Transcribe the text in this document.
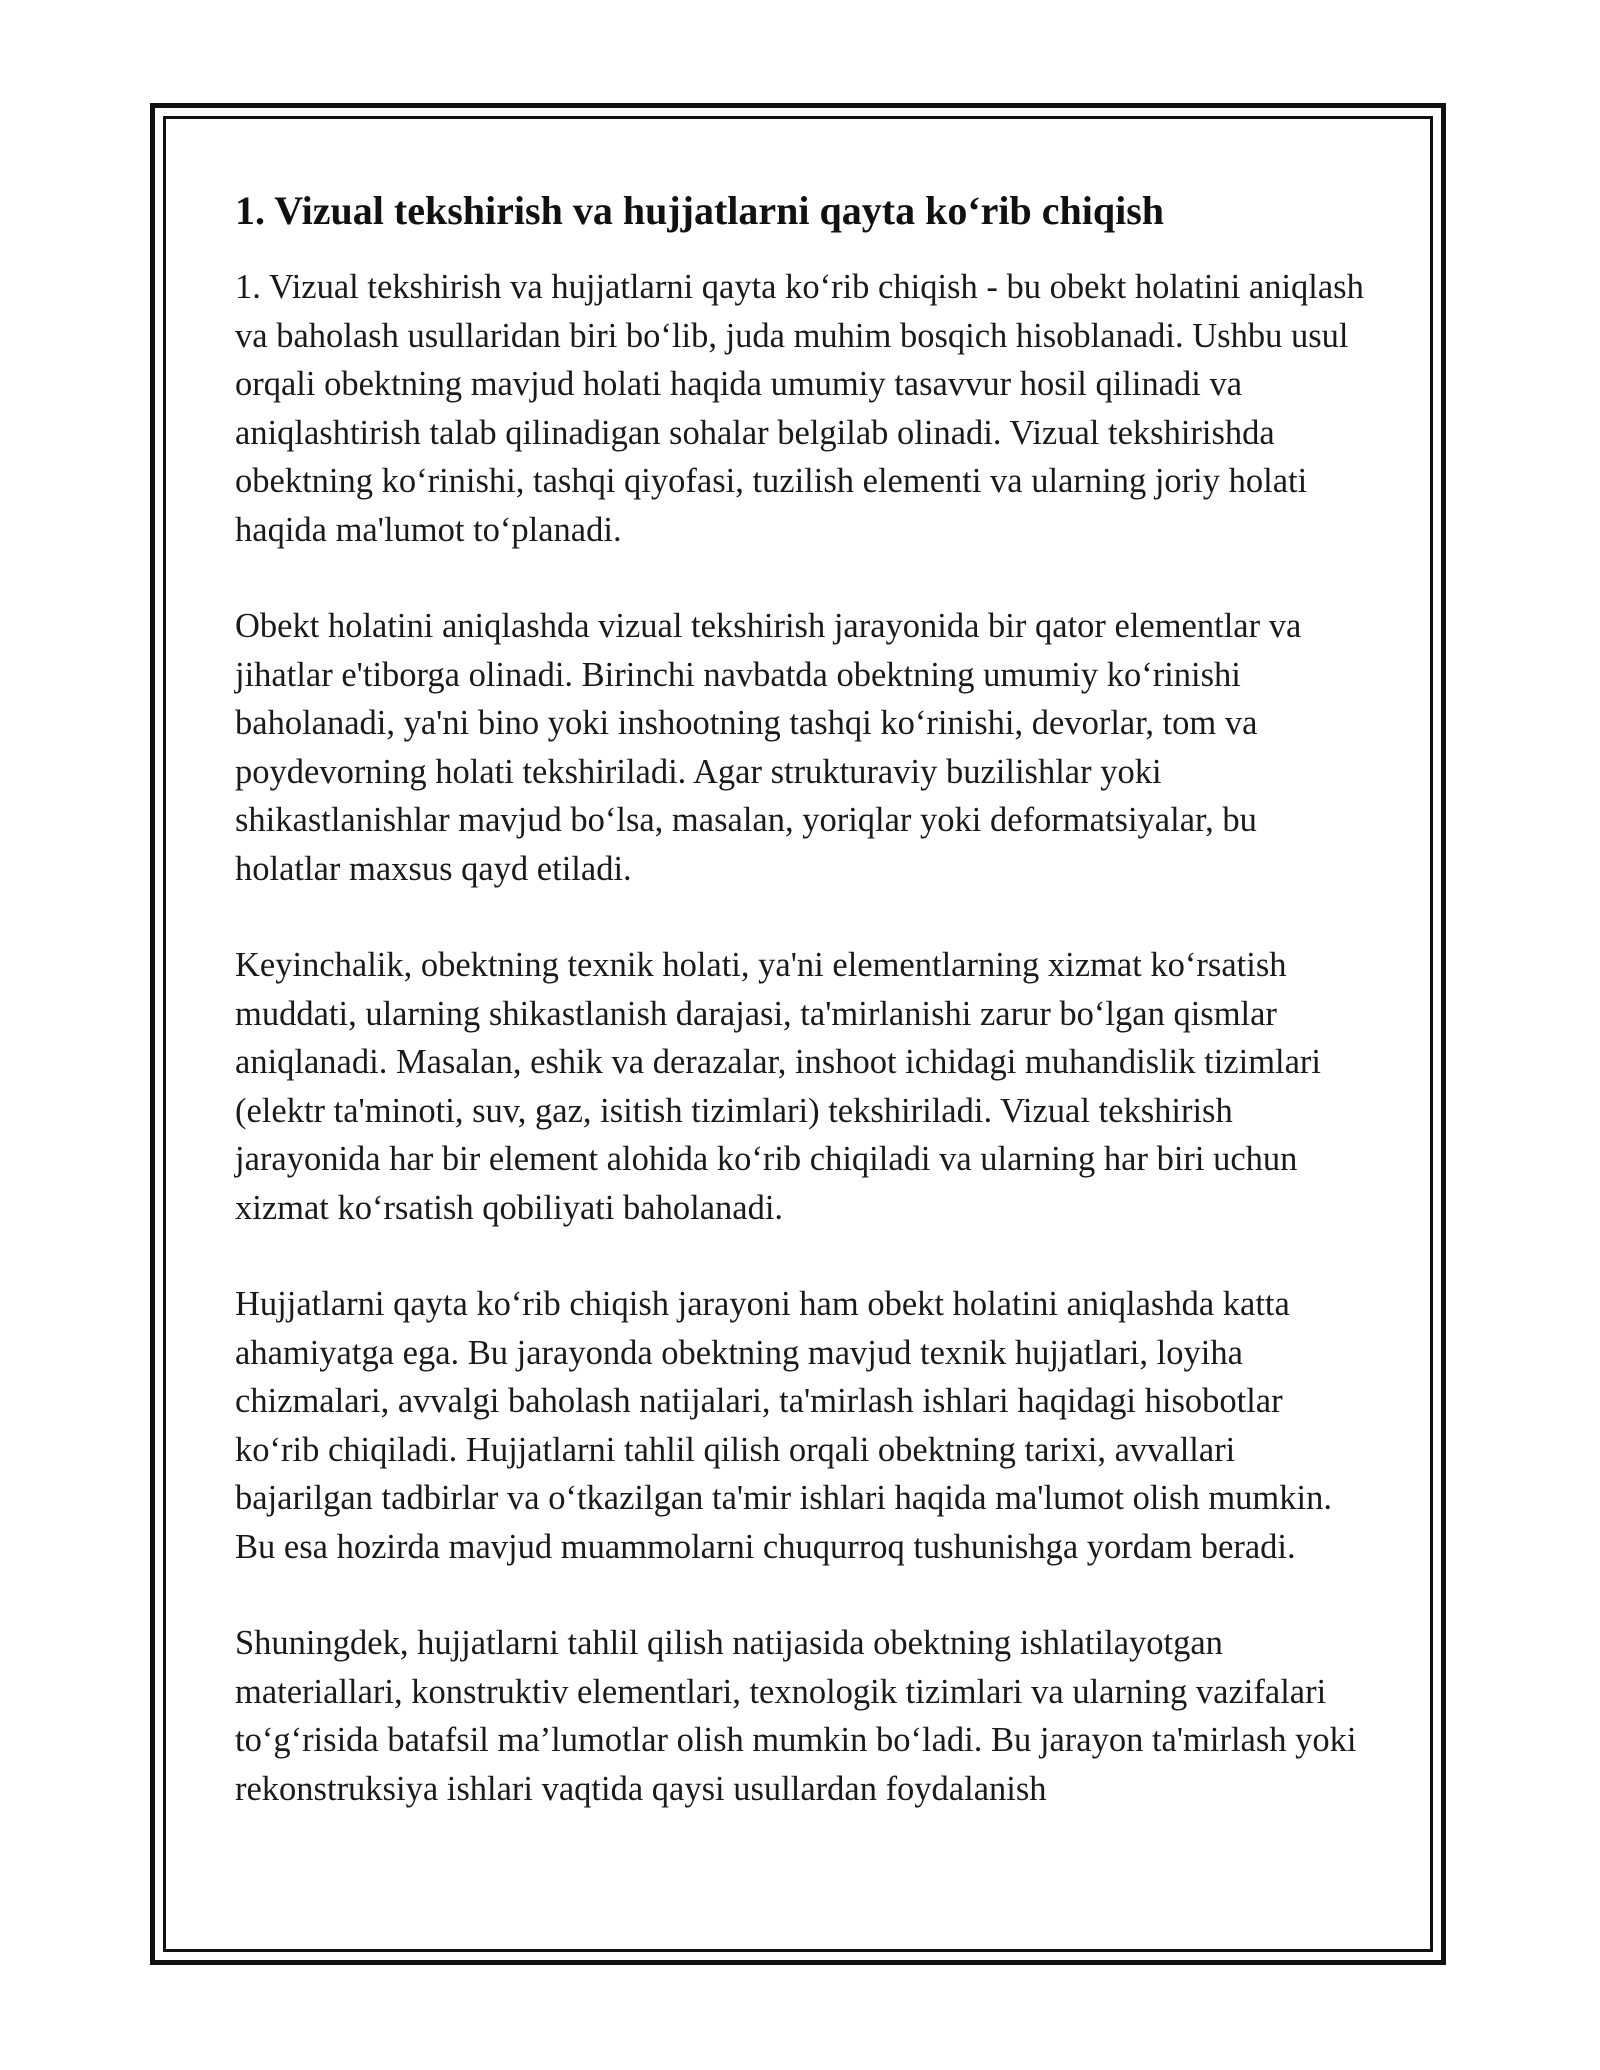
1. Vizual tekshirish va hujjatlarni qayta ko‘rib chiqish

1. Vizual tekshirish va hujjatlarni qayta ko‘rib chiqish - bu obekt holatini aniqlash va baholash usullaridan biri bo‘lib, juda muhim bosqich hisoblanadi. Ushbu usul orqali obektning mavjud holati haqida umumiy tasavvur hosil qilinadi va aniqlashtirish talab qilinadigan sohalar belgilab olinadi. Vizual tekshirishda obektning ko‘rinishi, tashqi qiyofasi, tuzilish elementi va ularning joriy holati haqida ma'lumot to‘planadi.

Obekt holatini aniqlashda vizual tekshirish jarayonida bir qator elementlar va jihatlar e'tiborga olinadi. Birinchi navbatda obektning umumiy ko‘rinishi baholanadi, ya'ni bino yoki inshootning tashqi ko‘rinishi, devorlar, tom va poydevorning holati tekshiriladi. Agar strukturaviy buzilishlar yoki shikastlanishlar mavjud bo‘lsa, masalan, yoriqlar yoki deformatsiyalar, bu holatlar maxsus qayd etiladi.

Keyinchalik, obektning texnik holati, ya'ni elementlarning xizmat ko‘rsatish muddati, ularning shikastlanish darajasi, ta'mirlanishi zarur bo‘lgan qismlar aniqlanadi. Masalan, eshik va derazalar, inshoot ichidagi muhandislik tizimlari (elektr ta'minoti, suv, gaz, isitish tizimlari) tekshiriladi. Vizual tekshirish jarayonida har bir element alohida ko‘rib chiqiladi va ularning har biri uchun xizmat ko‘rsatish qobiliyati baholanadi.

Hujjatlarni qayta ko‘rib chiqish jarayoni ham obekt holatini aniqlashda katta ahamiyatga ega. Bu jarayonda obektning mavjud texnik hujjatlari, loyiha chizmalari, avvalgi baholash natijalari, ta'mirlash ishlari haqidagi hisobotlar ko‘rib chiqiladi. Hujjatlarni tahlil qilish orqali obektning tarixi, avvallari bajarilgan tadbirlar va o‘tkazilgan ta'mir ishlari haqida ma'lumot olish mumkin. Bu esa hozirda mavjud muammolarni chuqurroq tushunishga yordam beradi.

Shuningdek, hujjatlarni tahlil qilish natijasida obektning ishlatilayotgan materiallari, konstruktiv elementlari, texnologik tizimlari va ularning vazifalari to‘g‘risida batafsil ma’lumotlar olish mumkin bo‘ladi. Bu jarayon ta'mirlash yoki rekonstruksiya ishlari vaqtida qaysi usullardan foydalanish
